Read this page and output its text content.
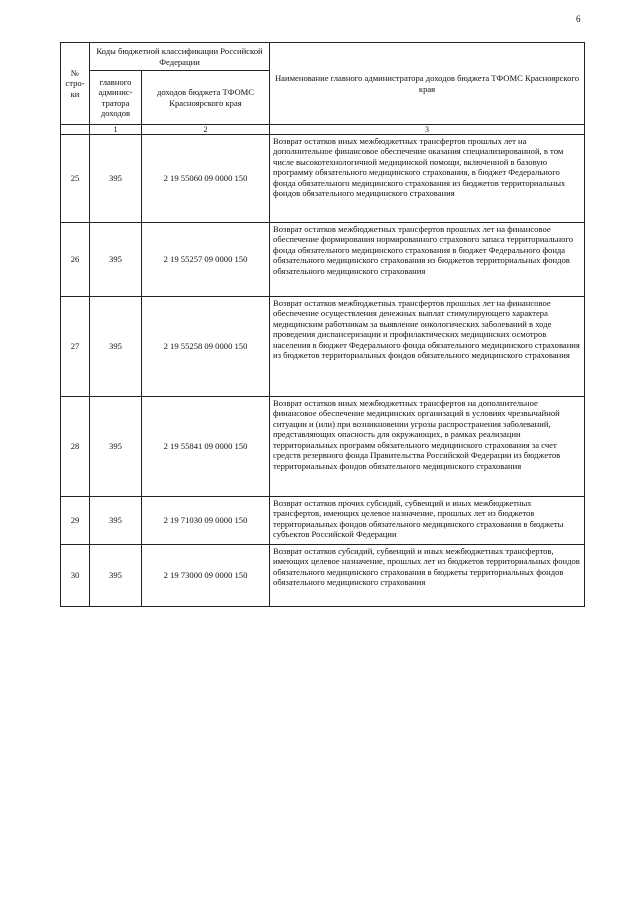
6
№ стро-ки	Коды бюджетной классификации Российской Федерации		Наименование главного администратора доходов бюджета ТФОМС Красноярского края
	главного админис-тратора доходов	доходов бюджета ТФОМС Красноярского края	
	1	2	3
25	395	2 19 55060 09 0000 150	Возврат остатков иных межбюджетных трансфертов прошлых лет на дополнительное финансовое обеспечение оказания специализированной, в том числе высокотехнологичной медицинской помощи, включенной в базовую программу обязательного медицинского страхования, в бюджет Федерального фонда обязательного медицинского страхования из бюджетов территориальных фондов обязательного медицинского страхования
26	395	2 19 55257 09 0000 150	Возврат остатков межбюджетных трансфертов прошлых лет на финансовое обеспечение формирования нормированного страхового запаса территориального фонда обязательного медицинского страхования в бюджет Федерального фонда обязательного медицинского страхования из бюджетов территориальных фондов обязательного медицинского страхования
27	395	2 19 55258 09 0000 150	Возврат остатков межбюджетных трансфертов прошлых лет на финансовое обеспечение осуществления денежных выплат стимулирующего характера медицинским работникам за выявление онкологических заболеваний в ходе проведения диспансеризации и профилактических медицинских осмотров населения в бюджет Федерального фонда обязательного медицинского страхования из бюджетов территориальных фондов обязательного медицинского страхования
28	395	2 19 55841 09 0000 150	Возврат остатков иных межбюджетных трансфертов на дополнительное финансовое обеспечение медицинских организаций в условиях чрезвычайной ситуации и (или) при возникновении угрозы распространения заболеваний, представляющих опасность для окружающих, в рамках реализации территориальных программ обязательного медицинского страхования за счет средств резервного фонда Правительства Российской Федерации из бюджетов территориальных фондов обязательного медицинского страхования
29	395	2 19 71030 09 0000 150	Возврат остатков прочих субсидий, субвенций и иных межбюджетных трансфертов, имеющих целевое назначение, прошлых лет из бюджетов территориальных фондов обязательного медицинского страхования в бюджеты субъектов Российской Федерации
30	395	2 19 73000 09 0000 150	Возврат остатков субсидий, субвенций и иных межбюджетных трансфертов, имеющих целевое назначение, прошлых лет из бюджетов территориальных фондов обязательного медицинского страхования в бюджеты территориальных фондов обязательного медицинского страхования
